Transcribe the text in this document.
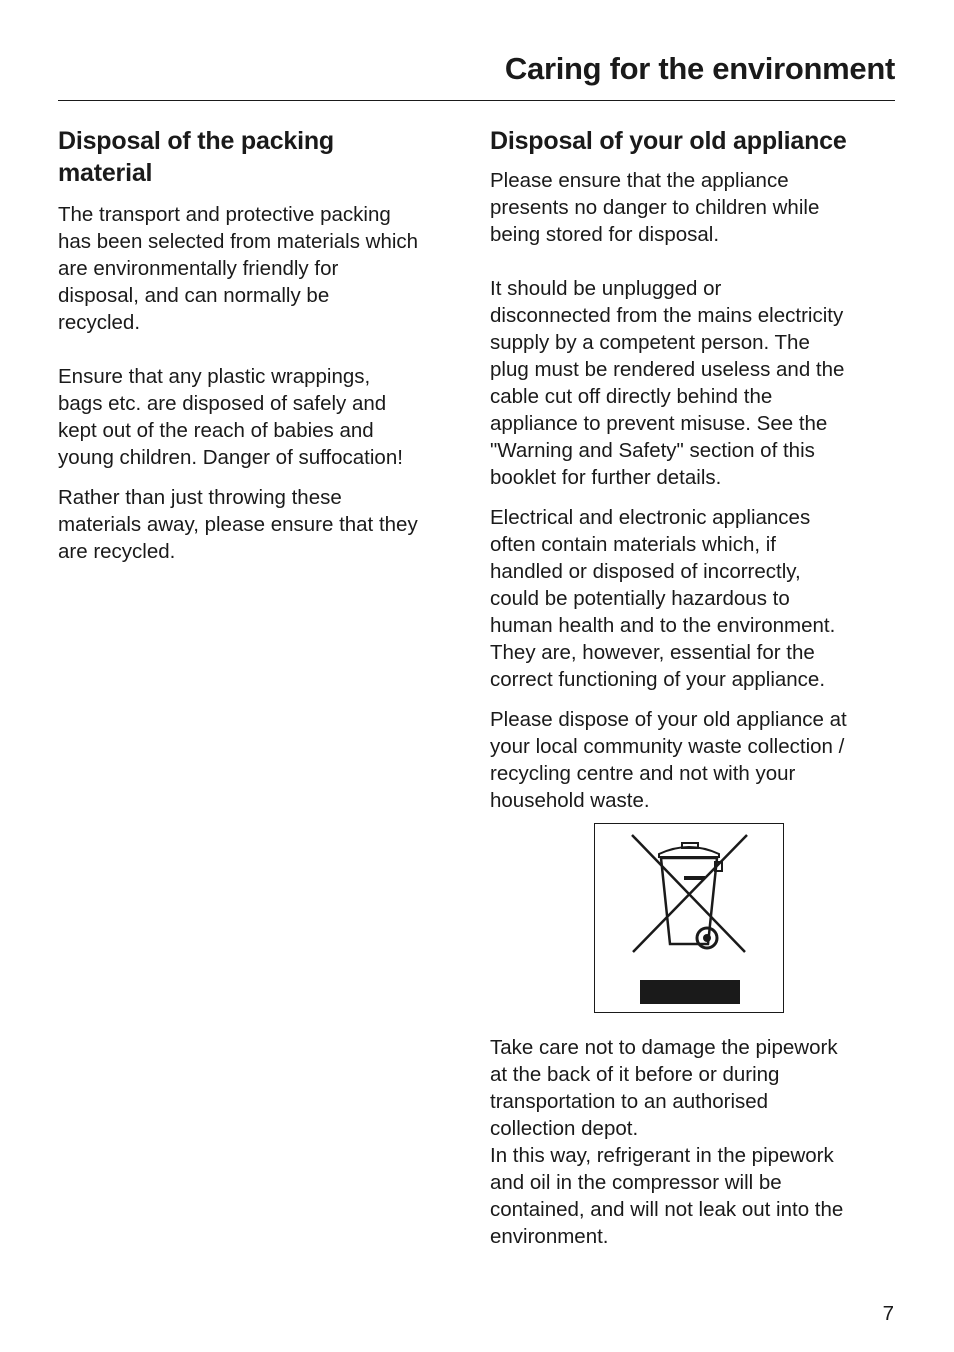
Caring for the environment
Disposal of the packing
material

The transport and protective packing
has been selected from materials which
are environmentally friendly for
disposal, and can normally be
recycled.

Ensure that any plastic wrappings,
bags etc. are disposed of safely and
kept out of the reach of babies and
young children. Danger of suffocation!

Rather than just throwing these
materials away, please ensure that they
are recycled.

Disposal of your old appliance

Please ensure that the appliance
presents no danger to children while
being stored for disposal.

It should be unplugged or
disconnected from the mains electricity
supply by a competent person. The
plug must be rendered useless and the
cable cut off directly behind the
appliance to prevent misuse. See the
"Warning and Safety" section of this
booklet for further details.

Electrical and electronic appliances
often contain materials which, if
handled or disposed of incorrectly,
could be potentially hazardous to
human health and to the environment.
They are, however, essential for the
correct functioning of your appliance.

Please dispose of your old appliance at
your local community waste collection /
recycling centre and not with your
household waste.

Take care not to damage the pipework
at the back of it before or during
transportation to an authorised
collection depot.
In this way, refrigerant in the pipework
and oil in the compressor will be
contained, and will not leak out into the
environment.

7
